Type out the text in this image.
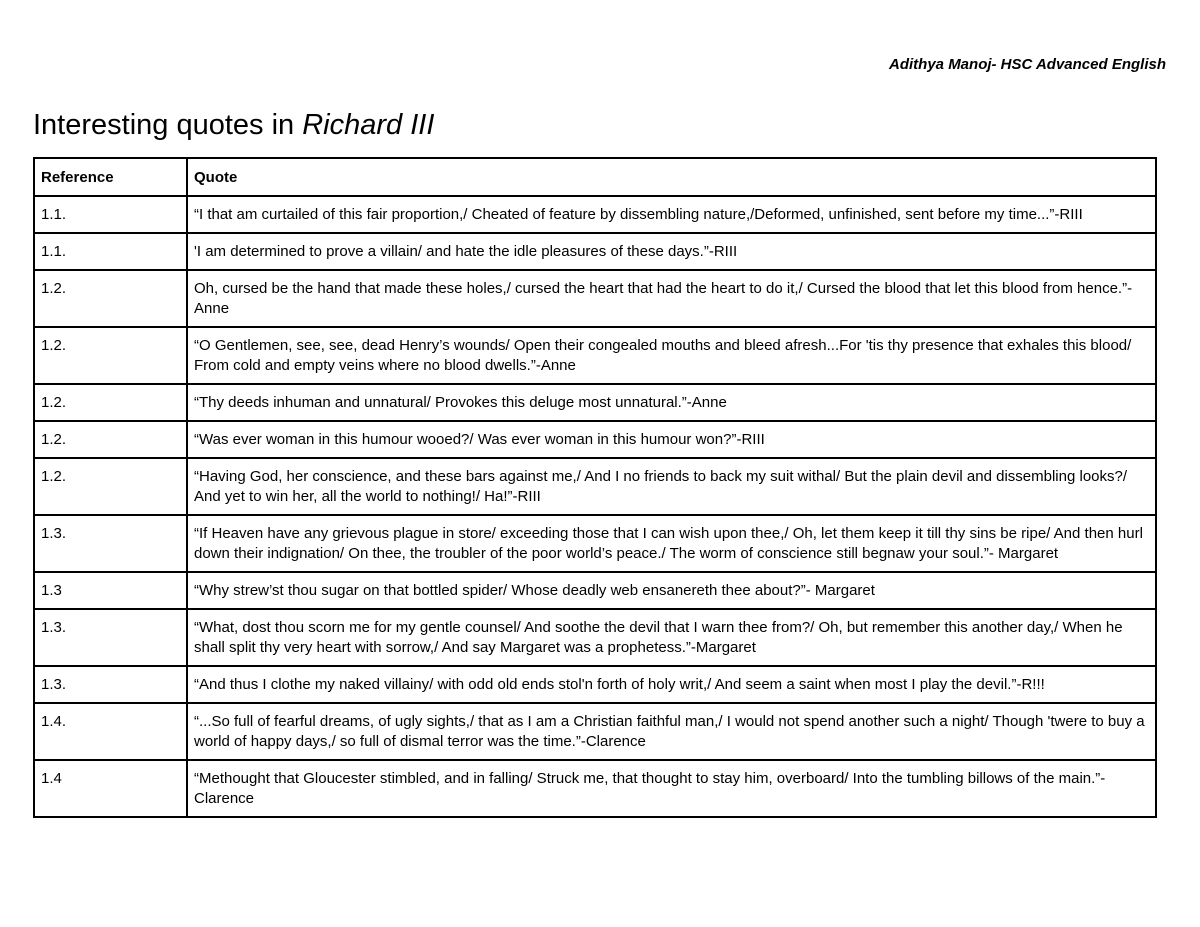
Adithya Manoj- HSC Advanced English
Interesting quotes in Richard III
Reference	Quote
1.1.	“I that am curtailed of this fair proportion,/ Cheated of feature by dissembling nature,/Deformed, unfinished, sent before my time...”-RIII
1.1.	'I am determined to prove a villain/ and hate the idle pleasures of these days.”-RIII
1.2.	Oh, cursed be the hand that made these holes,/ cursed the heart that had the heart to do it,/ Cursed the blood that let this blood from hence.”- Anne
1.2.	“O Gentlemen, see, see, dead Henry’s wounds/ Open their congealed mouths and bleed afresh...For 'tis thy presence that exhales this blood/ From cold and empty veins where no blood dwells.”-Anne
1.2.	“Thy deeds inhuman and unnatural/ Provokes this deluge most unnatural.”-Anne
1.2.	“Was ever woman in this humour wooed?/ Was ever woman in this humour won?”-RIII
1.2.	“Having God, her conscience, and these bars against me,/ And I no friends to back my suit withal/ But the plain devil and dissembling looks?/ And yet to win her, all the world to nothing!/ Ha!”-RIII
1.3.	“If Heaven have any grievous plague in store/ exceeding those that I can wish upon thee,/ Oh, let them keep it till thy sins be ripe/ And then hurl down their indignation/ On thee, the troubler of the poor world’s peace./ The worm of conscience still begnaw your soul.”- Margaret
1.3	“Why strew’st thou sugar on that bottled spider/ Whose deadly web ensanereth thee about?”- Margaret
1.3.	“What, dost thou scorn me for my gentle counsel/ And soothe the devil that I warn thee from?/ Oh, but remember this another day,/ When he shall split thy very heart with sorrow,/ And say Margaret was a prophetess.”-Margaret
1.3.	“And thus I clothe my naked villainy/ with odd old ends stol'n forth of holy writ,/ And seem a saint when most I play the devil.”-R!!!
1.4.	“...So full of fearful dreams, of ugly sights,/ that as I am a Christian faithful man,/ I would not spend another such a night/ Though 'twere to buy a world of happy days,/ so full of dismal terror was the time.”-Clarence
1.4	“Methought that Gloucester stimbled, and in falling/ Struck me, that thought to stay him, overboard/ Into the tumbling billows of the main.”-Clarence
